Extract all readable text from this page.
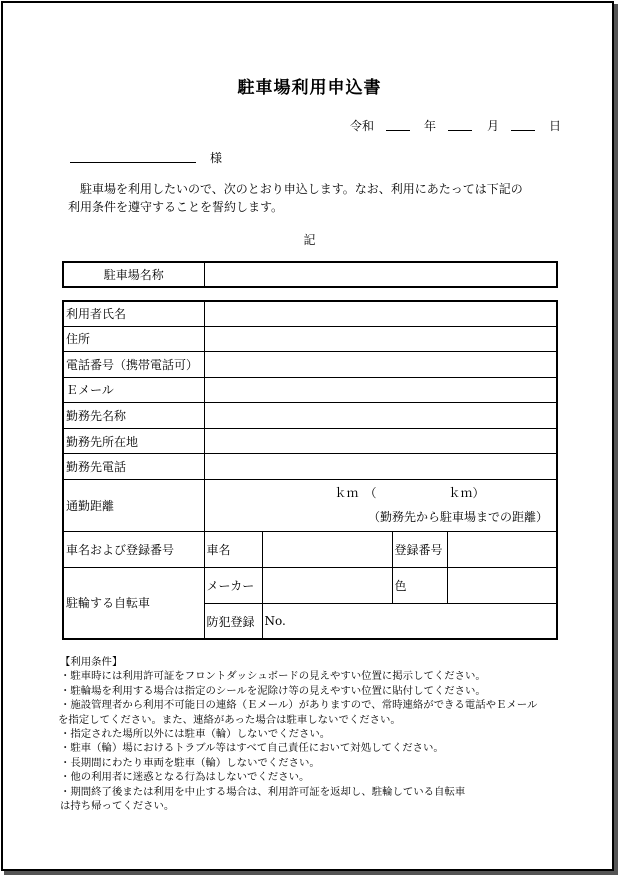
駐車場利用申込書
令和	年	月	日
様

駐車場を利用したいので、次のとおり申込します。なお、利用にあたっては下記の

利用条件を遵守することを誓約します。

記
駐車場名称	
利用者氏名				
住所				
電話番号（携帯電話可）				
Ｅメール				
勤務先名称				
勤務先所在地				
勤務先電話				
通勤距離	ｋｍ　（　　　　　　ｋｍ）
（勤務先から駐車場までの距離）			

車名および登録番号	車名		登録番号	
駐輪する自転車	メーカー		色	
	防犯登録	No.		
【利用条件】
・駐車時には利用許可証をフロントダッシュボードの見えやすい位置に掲示してください。
・駐輪場を利用する場合は指定のシールを泥除け等の見えやすい位置に貼付してください。
・施設管理者から利用不可能日の連絡（Ｅメール）がありますので、常時連絡ができる電話やＥメール
を指定してください。また、連絡があった場合は駐車しないでください。
・指定された場所以外には駐車（輪）しないでください。
・駐車（輪）場におけるトラブル等はすべて自己責任において対処してください。
・長期間にわたり車両を駐車（輪）しないでください。
・他の利用者に迷惑となる行為はしないでください。
・期間終了後または利用を中止する場合は、利用許可証を返却し、駐輪している自転車
は持ち帰ってください。
